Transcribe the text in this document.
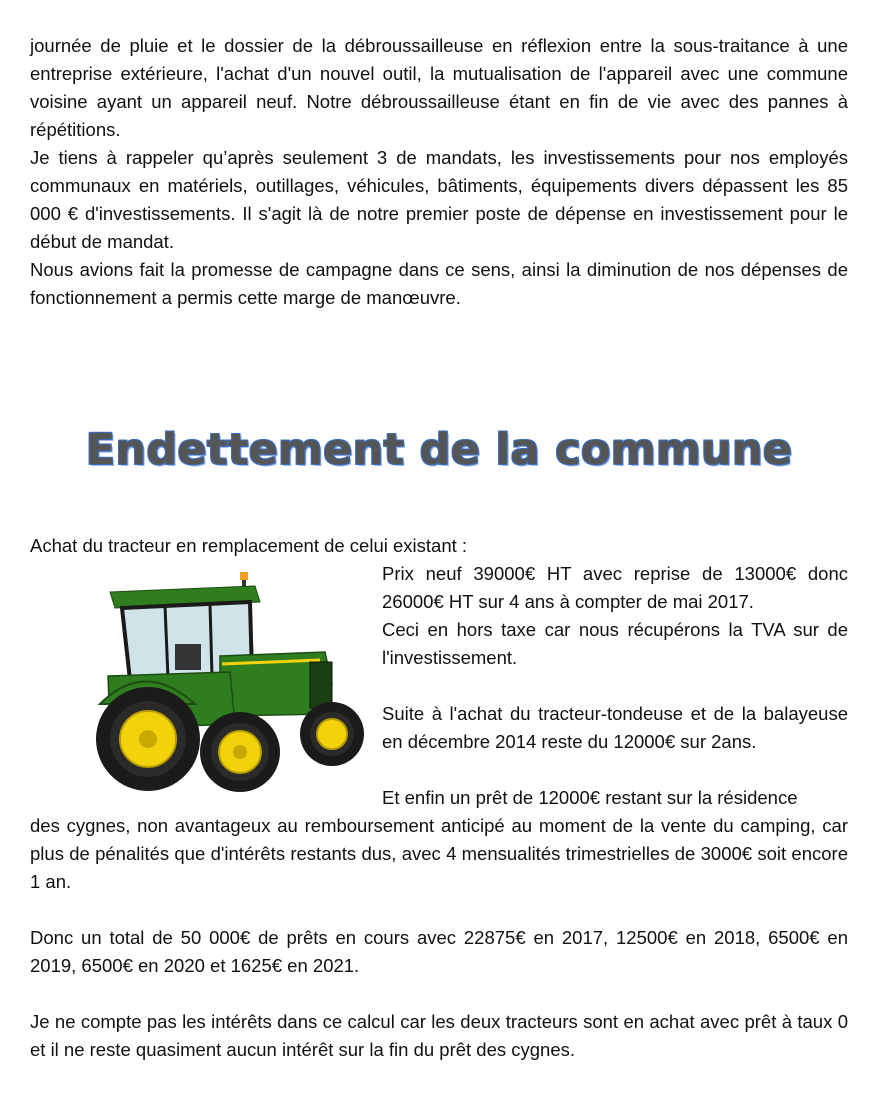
journée de pluie et le dossier de la débroussailleuse en réflexion entre la sous-traitance à une entreprise extérieure, l'achat d'un nouvel outil, la mutualisation de l'appareil avec une commune voisine ayant un appareil neuf. Notre débroussailleuse étant en fin de vie avec des pannes à répétitions.

Je tiens à rappeler qu’après seulement 3 de mandats, les investissements pour nos employés communaux en matériels, outillages, véhicules, bâtiments, équipements divers dépassent les 85 000 € d'investissements. Il s'agit là de notre premier poste de dépense en investissement pour le début de mandat.

Nous avions fait la promesse de campagne dans ce sens, ainsi la diminution de nos dépenses de fonctionnement a permis cette marge de manœuvre.

Endettement de la commune

Achat du tracteur en remplacement de celui existant :

Prix neuf 39000€ HT avec reprise de 13000€ donc 26000€ HT sur 4 ans à compter de mai 2017.

Ceci en hors taxe car nous récupérons la TVA sur de l'investissement.

Suite à l'achat du tracteur-tondeuse et de la balayeuse en décembre 2014 reste du 12000€ sur 2ans.

Et enfin un prêt de 12000€ restant sur la résidence

des cygnes, non avantageux au remboursement anticipé au moment de la vente du camping, car plus de pénalités que d'intérêts restants dus, avec 4 mensualités trimestrielles de 3000€ soit encore 1 an.

Donc un total de 50 000€ de prêts en cours avec 22875€ en 2017, 12500€ en 2018, 6500€ en 2019, 6500€ en 2020 et 1625€ en 2021.

Je ne compte pas les intérêts dans ce calcul car les deux tracteurs sont en achat avec prêt à taux 0 et il ne reste quasiment aucun intérêt sur la fin du prêt des cygnes.
